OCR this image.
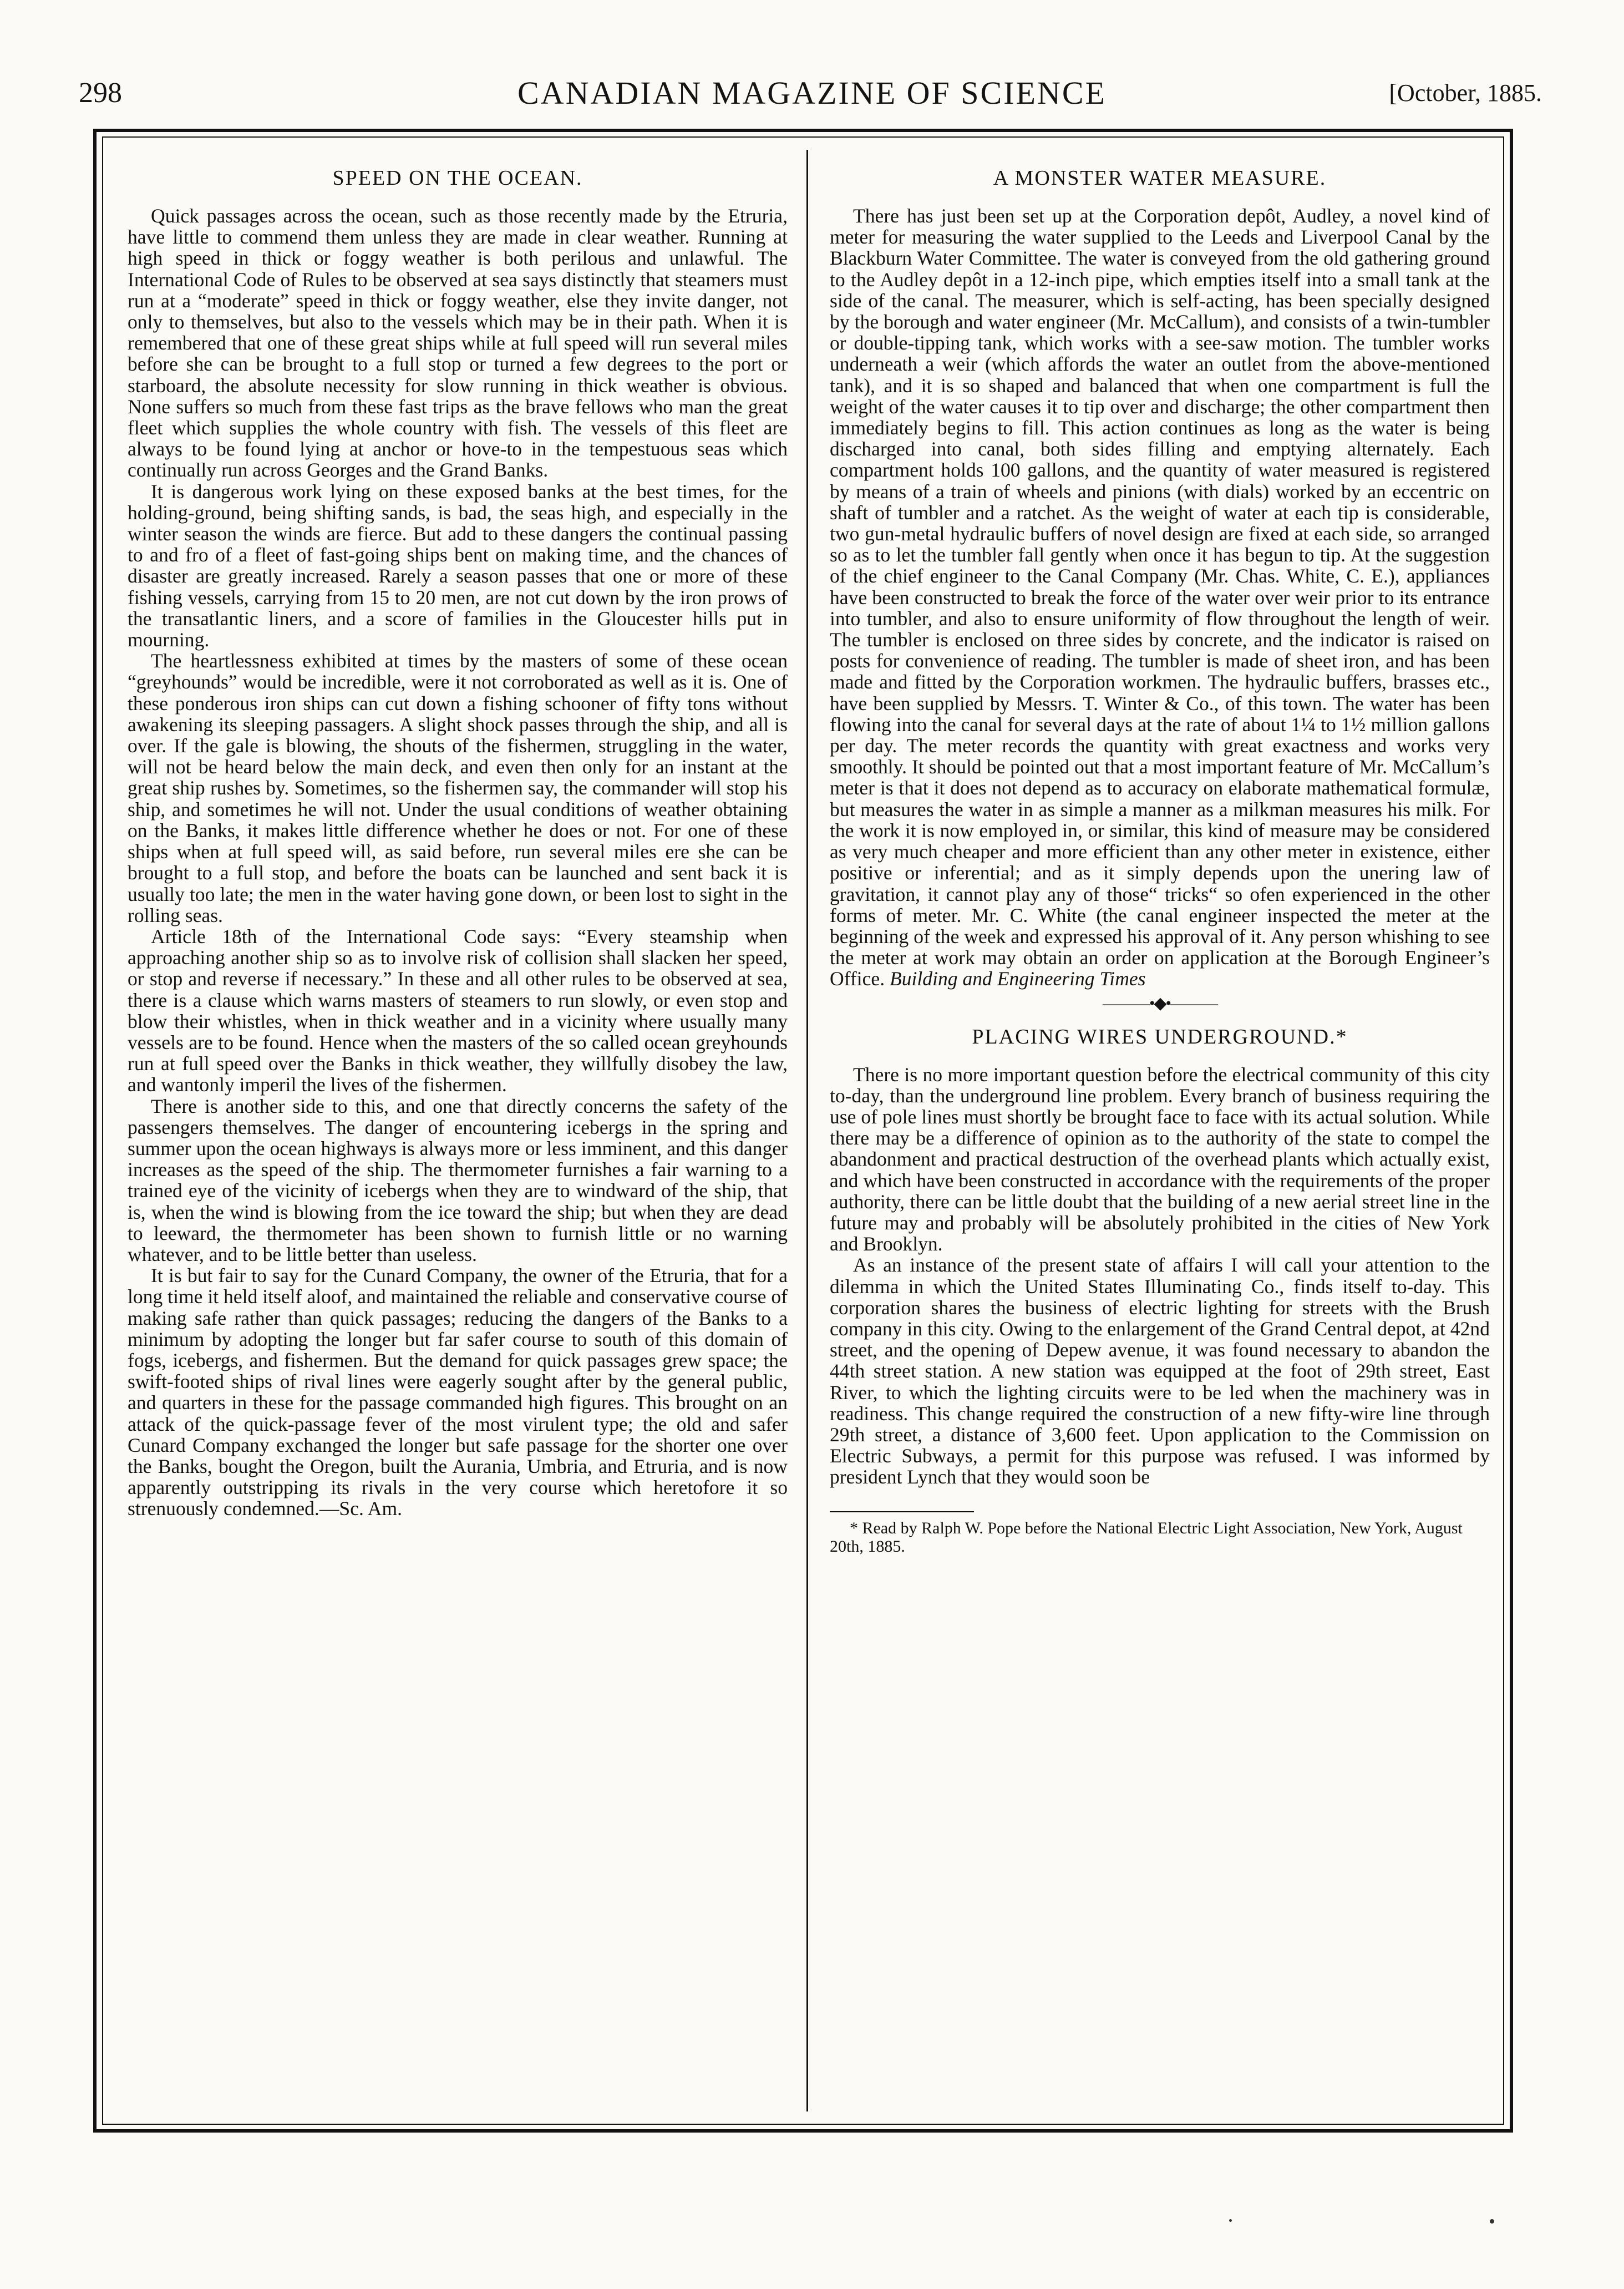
298	CANADIAN MAGAZINE OF SCIENCE	[October, 1885.
SPEED ON THE OCEAN.

Quick passages across the ocean, such as those recently made by the Etruria, have little to commend them unless they are made in clear weather. Running at high speed in thick or foggy weather is both perilous and unlawful. The International Code of Rules to be observed at sea says distinctly that steamers must run at a “moderate” speed in thick or foggy weather, else they invite danger, not only to themselves, but also to the vessels which may be in their path. When it is remembered that one of these great ships while at full speed will run several miles before she can be brought to a full stop or turned a few degrees to the port or starboard, the absolute necessity for slow running in thick weather is obvious. None suffers so much from these fast trips as the brave fellows who man the great fleet which supplies the whole country with fish. The vessels of this fleet are always to be found lying at anchor or hove-to in the tempestuous seas which continually run across Georges and the Grand Banks.

It is dangerous work lying on these exposed banks at the best times, for the holding-ground, being shifting sands, is bad, the seas high, and especially in the winter season the winds are fierce. But add to these dangers the continual passing to and fro of a fleet of fast-going ships bent on making time, and the chances of disaster are greatly increased. Rarely a season passes that one or more of these fishing vessels, carrying from 15 to 20 men, are not cut down by the iron prows of the transatlantic liners, and a score of families in the Gloucester hills put in mourning.

The heartlessness exhibited at times by the masters of some of these ocean “greyhounds” would be incredible, were it not corroborated as well as it is. One of these ponderous iron ships can cut down a fishing schooner of fifty tons without awakening its sleeping passagers. A slight shock passes through the ship, and all is over. If the gale is blowing, the shouts of the fishermen, struggling in the water, will not be heard below the main deck, and even then only for an instant at the great ship rushes by. Sometimes, so the fishermen say, the commander will stop his ship, and sometimes he will not. Under the usual conditions of weather obtaining on the Banks, it makes little difference whether he does or not. For one of these ships when at full speed will, as said before, run several miles ere she can be brought to a full stop, and before the boats can be launched and sent back it is usually too late; the men in the water having gone down, or been lost to sight in the rolling seas.

Article 18th of the International Code says: “Every steamship when approaching another ship so as to involve risk of collision shall slacken her speed, or stop and reverse if necessary.” In these and all other rules to be observed at sea, there is a clause which warns masters of steamers to run slowly, or even stop and blow their whistles, when in thick weather and in a vicinity where usually many vessels are to be found. Hence when the masters of the so called ocean greyhounds run at full speed over the Banks in thick weather, they willfully disobey the law, and wantonly imperil the lives of the fishermen.

There is another side to this, and one that directly concerns the safety of the passengers themselves. The danger of encountering icebergs in the spring and summer upon the ocean highways is always more or less imminent, and this danger increases as the speed of the ship. The thermometer furnishes a fair warning to a trained eye of the vicinity of icebergs when they are to windward of the ship, that is, when the wind is blowing from the ice toward the ship; but when they are dead to leeward, the thermometer has been shown to furnish little or no warning whatever, and to be little better than useless.

It is but fair to say for the Cunard Company, the owner of the Etruria, that for a long time it held itself aloof, and maintained the reliable and conservative course of making safe rather than quick passages; reducing the dangers of the Banks to a minimum by adopting the longer but far safer course to south of this domain of fogs, icebergs, and fishermen. But the demand for quick passages grew space; the swift-footed ships of rival lines were eagerly sought after by the general public, and quarters in these for the passage commanded high figures. This brought on an attack of the quick-passage fever of the most virulent type; the old and safer Cunard Company exchanged the longer but safe passage for the shorter one over the Banks, bought the Oregon, built the Aurania, Umbria, and Etruria, and is now apparently outstripping its rivals in the very course which heretofore it so strenuously condemned.—Sc. Am.

A MONSTER WATER MEASURE.

There has just been set up at the Corporation depôt, Audley, a novel kind of meter for measuring the water supplied to the Leeds and Liverpool Canal by the Blackburn Water Committee. The water is conveyed from the old gathering ground to the Audley depôt in a 12-inch pipe, which empties itself into a small tank at the side of the canal. The measurer, which is self-acting, has been specially designed by the borough and water engineer (Mr. McCallum), and consists of a twin-tumbler or double-tipping tank, which works with a see-saw motion. The tumbler works underneath a weir (which affords the water an outlet from the above-mentioned tank), and it is so shaped and balanced that when one compartment is full the weight of the water causes it to tip over and discharge; the other compartment then immediately begins to fill. This action continues as long as the water is being discharged into canal, both sides filling and emptying alternately. Each compartment holds 100 gallons, and the quantity of water measured is registered by means of a train of wheels and pinions (with dials) worked by an eccentric on shaft of tumbler and a ratchet. As the weight of water at each tip is considerable, two gun-metal hydraulic buffers of novel design are fixed at each side, so arranged so as to let the tumbler fall gently when once it has begun to tip. At the suggestion of the chief engineer to the Canal Company (Mr. Chas. White, C. E.), appliances have been constructed to break the force of the water over weir prior to its entrance into tumbler, and also to ensure uniformity of flow throughout the length of weir. The tumbler is enclosed on three sides by concrete, and the indicator is raised on posts for convenience of reading. The tumbler is made of sheet iron, and has been made and fitted by the Corporation workmen. The hydraulic buffers, brasses etc., have been supplied by Messrs. T. Winter & Co., of this town. The water has been flowing into the canal for several days at the rate of about 1¼ to 1½ million gallons per day. The meter records the quantity with great exactness and works very smoothly. It should be pointed out that a most important feature of Mr. McCallum’s meter is that it does not depend as to accuracy on elaborate mathematical formulæ, but measures the water in as simple a manner as a milkman measures his milk. For the work it is now employed in, or similar, this kind of measure may be considered as very much cheaper and more efficient than any other meter in existence, either positive or inferential; and as it simply depends upon the unering law of gravitation, it cannot play any of those“ tricks“ so ofen experienced in the other forms of meter. Mr. C. White (the canal engineer inspected the meter at the beginning of the week and expressed his approval of it. Any person whishing to see the meter at work may obtain an order on application at the Borough Engineer’s Office. Building and Engineering Times

———•◆•———
PLACING WIRES UNDERGROUND.*

There is no more important question before the electrical community of this city to-day, than the underground line problem. Every branch of business requiring the use of pole lines must shortly be brought face to face with its actual solution. While there may be a difference of opinion as to the authority of the state to compel the abandonment and practical destruction of the overhead plants which actually exist, and which have been constructed in accordance with the requirements of the proper authority, there can be little doubt that the building of a new aerial street line in the future may and probably will be absolutely prohibited in the cities of New York and Brooklyn.

As an instance of the present state of affairs I will call your attention to the dilemma in which the United States Illuminating Co., finds itself to-day. This corporation shares the business of electric lighting for streets with the Brush company in this city. Owing to the enlargement of the Grand Central depot, at 42nd street, and the opening of Depew avenue, it was found necessary to abandon the 44th street station. A new station was equipped at the foot of 29th street, East River, to which the lighting circuits were to be led when the machinery was in readiness. This change required the construction of a new fifty-wire line through 29th street, a distance of 3,600 feet. Upon application to the Commission on Electric Subways, a permit for this purpose was refused. I was informed by president Lynch that they would soon be

* Read by Ralph W. Pope before the National Electric Light Association, New York, August 20th, 1885.
